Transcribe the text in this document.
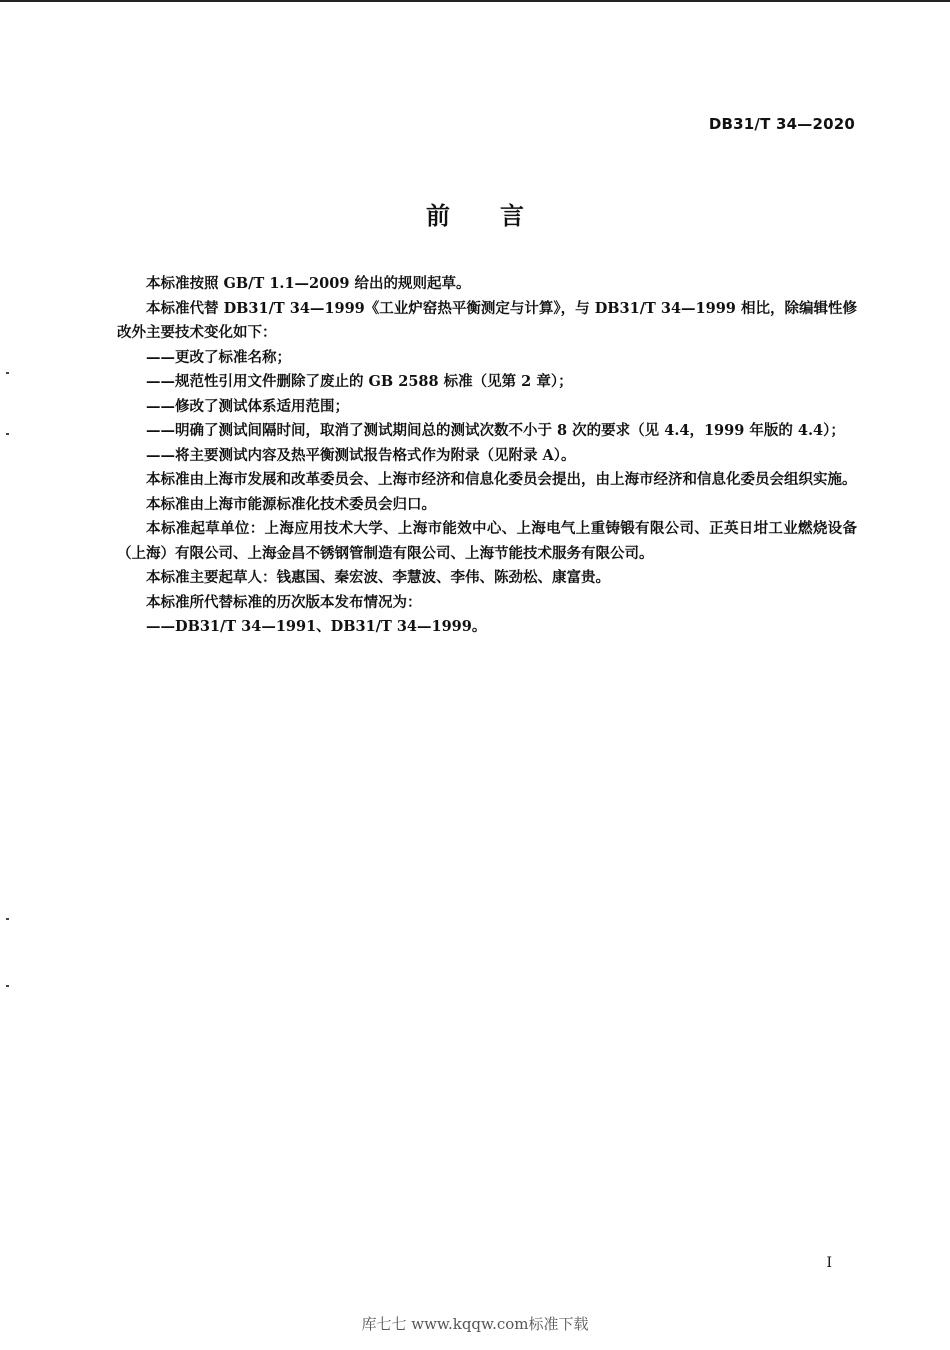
DB31/T 34—2020
前言

本标准按照 GB/T 1.1—2009 给出的规则起草。

本标准代替 DB31/T 34—1999《工业炉窑热平衡测定与计算》，与 DB31/T 34—1999 相比，除编辑性修改外主要技术变化如下：

——更改了标准名称；

——规范性引用文件删除了废止的 GB 2588 标准（见第 2 章）；

——修改了测试体系适用范围；

——明确了测试间隔时间，取消了测试期间总的测试次数不小于 8 次的要求（见 4.4，1999 年版的 4.4）；

——将主要测试内容及热平衡测试报告格式作为附录（见附录 A）。

本标准由上海市发展和改革委员会、上海市经济和信息化委员会提出，由上海市经济和信息化委员会组织实施。

本标准由上海市能源标准化技术委员会归口。

本标准起草单位：上海应用技术大学、上海市能效中心、上海电气上重铸锻有限公司、正英日坩工业燃烧设备（上海）有限公司、上海金昌不锈钢管制造有限公司、上海节能技术服务有限公司。

本标准主要起草人：钱惠国、秦宏波、李慧波、李伟、陈劲松、康富贵。

本标准所代替标准的历次版本发布情况为：

——DB31/T 34—1991、DB31/T 34—1999。

I
库七七 www.kqqw.com标准下载
